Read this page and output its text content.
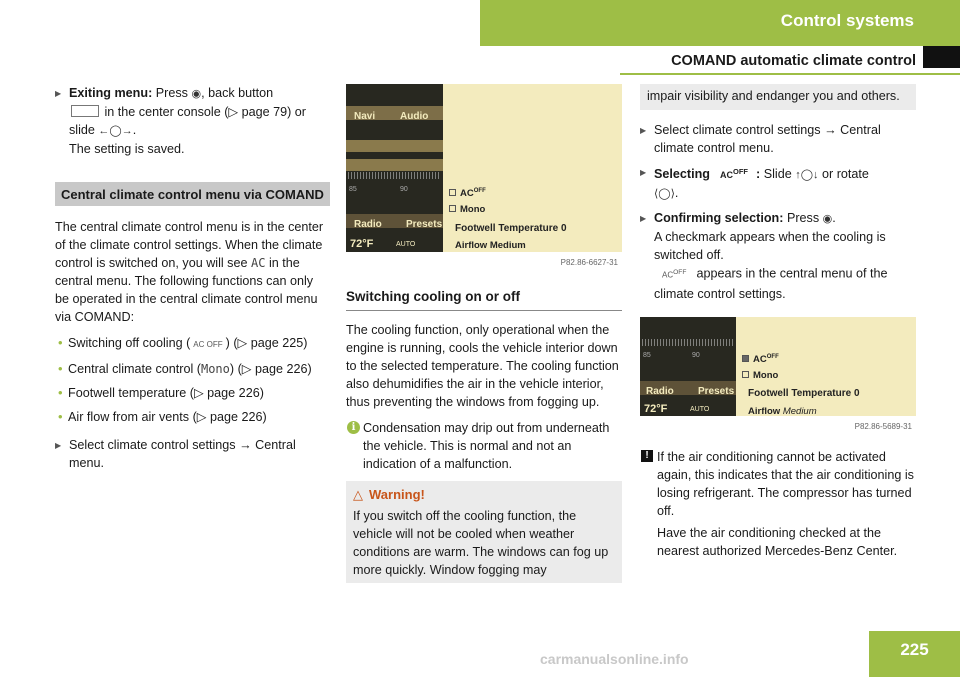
Control systems
COMAND automatic climate control
▶ Exiting menu: Press ◉, back button
in the center console (▷ page 79) or
slide ←◯→.
The setting is saved.
Central climate control menu via COMAND
The central climate control menu is in the center of the climate control settings. When the climate control is switched on, you will see AC in the central menu. The following functions can only be operated in the central climate control menu via COMAND:
• Switching off cooling ( AC OFF ) (▷ page 225)
• Central climate control (Mono) (▷ page 226)
• Footwell temperature (▷ page 226)
• Air flow from air vents (▷ page 226)
▶ Select climate control settings → Central menu.
Navi Audio
85	90
Radio Presets
72°F	AUTO
$AC^{OFF}$
Mono
Footwell Temperature 0
Airflow Medium
P82.86-6627-31
Switching cooling on or off
The cooling function, only operational when the engine is running, cools the vehicle interior down to the selected temperature. The cooling function also dehumidifies the air in the vehicle interior, thus preventing the windows from fogging up.
i Condensation may drip out from underneath the vehicle. This is normal and not an indication of a malfunction.
△ Warning!
If you switch off the cooling function, the vehicle will not be cooled when weather conditions are warm. The windows can fog up more quickly. Window fogging may
impair visibility and endanger you and others.
▶ Select climate control settings → Central climate control menu.
▶ Selecting $AC^{OFF}$ : Slide ↑◯↓ or rotate
⟨◯⟩.
▶ Confirming selection: Press ◉.
A checkmark appears when the cooling is switched off.
$AC^{OFF}$ appears in the central menu of the climate control settings.
85	90
Radio Presets
72°F	AUTO
$AC^{OFF}$
Mono
Footwell Temperature 0
Airflow Medium
P82.86-5689-31
! If the air conditioning cannot be activated again, this indicates that the air conditioning is losing refrigerant. The compressor has turned off.
Have the air conditioning checked at the nearest authorized Mercedes-Benz Center.
carmanualsonline.info	225
